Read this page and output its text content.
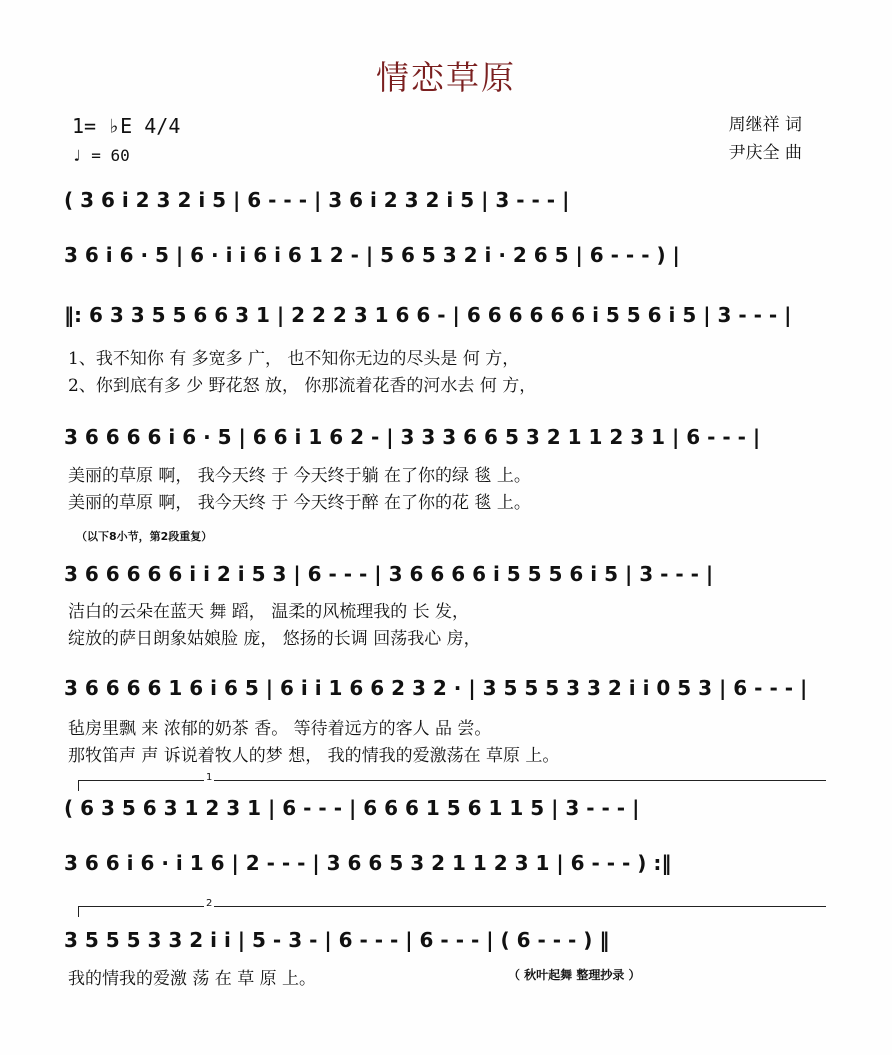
情恋草原
1= ♭E 4/4
♩ = 60
周继祥 词
尹庆全 曲
( 3 6 i 2 3 2 i 5 | 6 - - - | 3 6 i 2 3 2 i 5 | 3 - - - |
3 6 i 6 · 5 | 6 · i i 6 i 6 1 2 - | 5 6 5 3 2 i · 2 6 5 | 6 - - - ) |
‖: 6 3 3 5 5 6 6 3 1 | 2 2 2 3 1 6 6 - | 6 6 6 6 6 6 i 5 5 6 i 5 | 3 - - - |
1、我不知你 有 多宽多 广， 也不知你无边的尽头是 何 方，
2、你到底有多 少 野花怒 放， 你那流着花香的河水去 何 方，
3 6 6 6 6 i 6 · 5 | 6 6 i 1 6 2 - | 3 3 3 6 6 5 3 2 1 1 2 3 1 | 6 - - - |
美丽的草原 啊， 我今天终 于 今天终于躺 在了你的绿 毯 上。
美丽的草原 啊， 我今天终 于 今天终于醉 在了你的花 毯 上。
（以下8小节，第2段重复）
3 6 6 6 6 6 i i 2 i 5 3 | 6 - - - | 3 6 6 6 6 i 5 5 5 6 i 5 | 3 - - - |
洁白的云朵在蓝天 舞 蹈， 温柔的风梳理我的 长 发，
绽放的萨日朗象姑娘脸 庞， 悠扬的长调 回荡我心 房，
3 6 6 6 6 1 6 i 6 5 | 6 i i 1 6 6 2 3 2 · | 3 5 5 5 3 3 2 i i 0 5 3 | 6 - - - |
毡房里飘 来 浓郁的奶茶 香。 等待着远方的客人 品 尝。
那牧笛声 声 诉说着牧人的梦 想， 我的情我的爱激荡在 草原 上。
1
( 6 3 5 6 3 1 2 3 1 | 6 - - - | 6 6 6 1 5 6 1 1 5 | 3 - - - |
3 6 6 i 6 · i 1 6 | 2 - - - | 3 6 6 5 3 2 1 1 2 3 1 | 6 - - - ) :‖
2
3 5 5 5 3 3 2 i i | 5 - 3 - | 6 - - - | 6 - - - | ( 6 - - - ) ‖
我的情我的爱激 荡 在 草 原 上。	（ 秋叶起舞 整理抄录 ）
